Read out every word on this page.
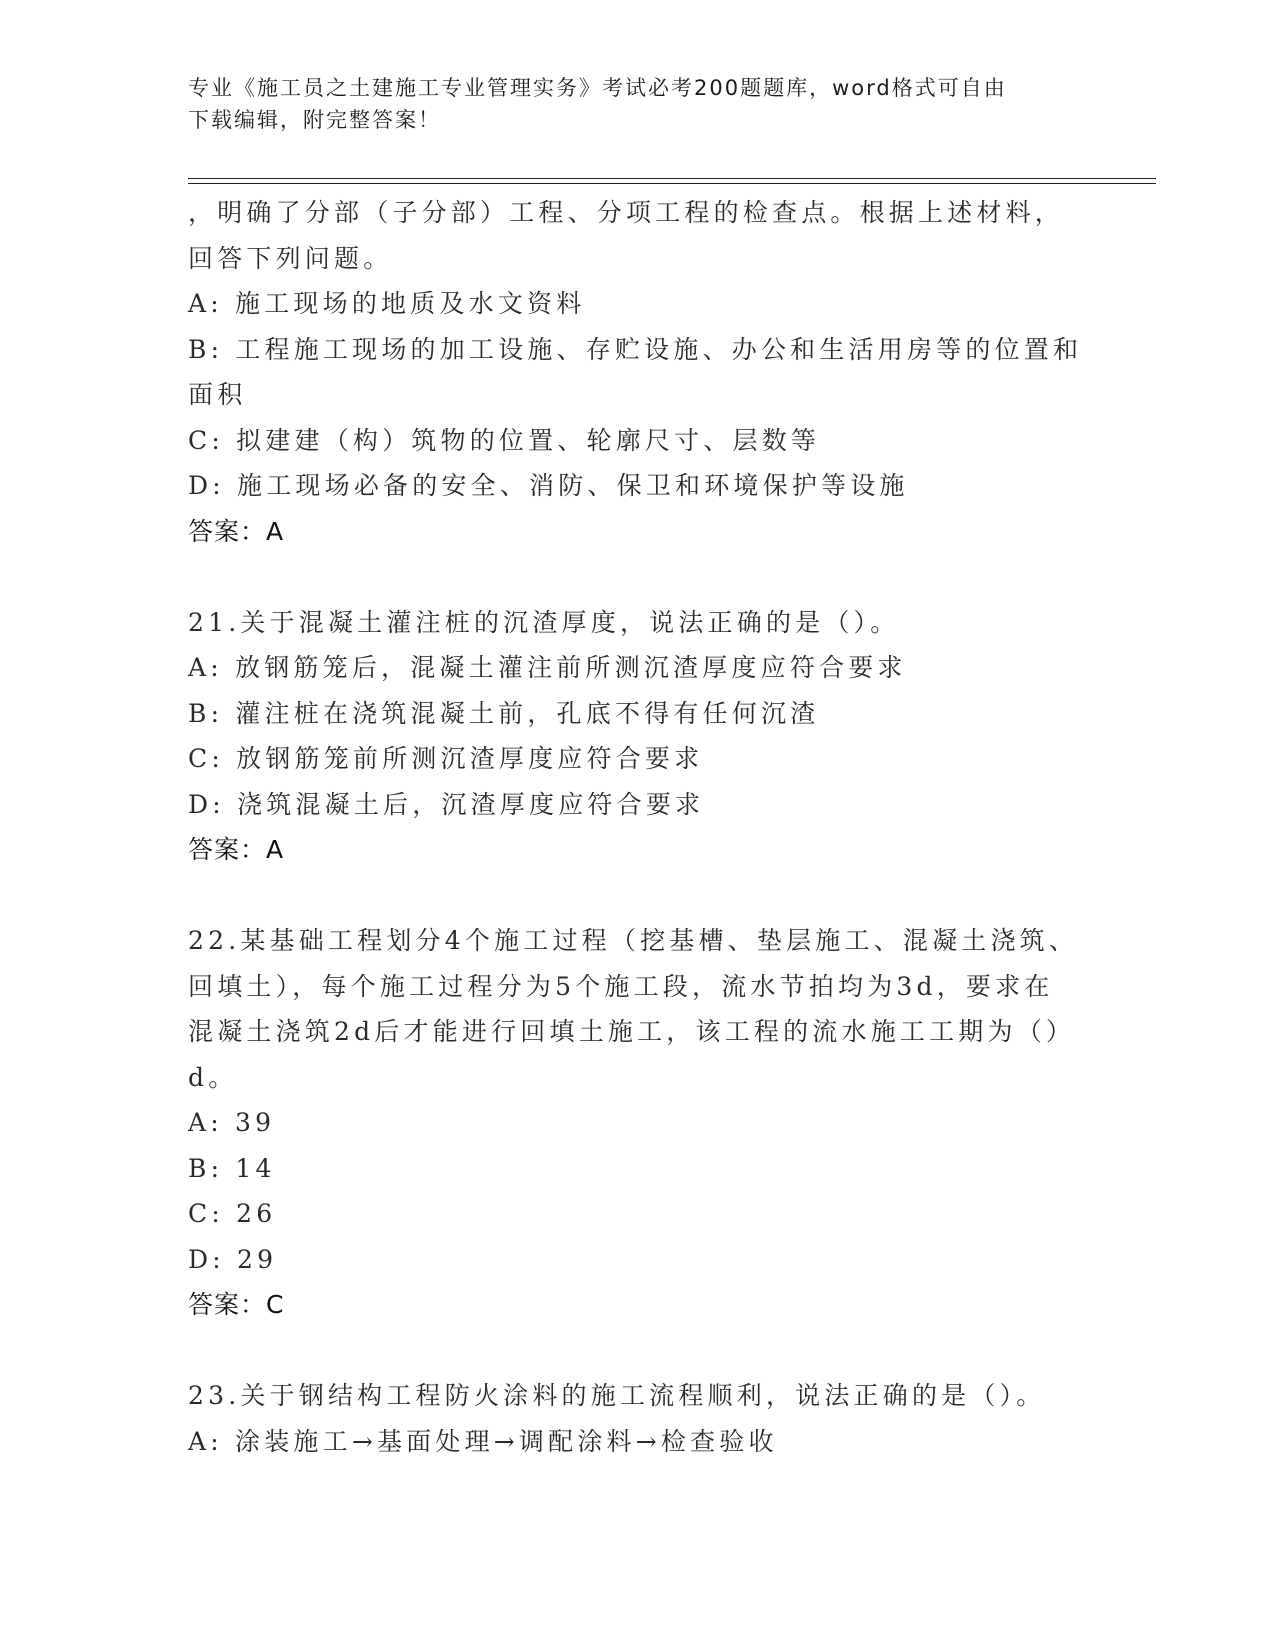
专业《施工员之土建施工专业管理实务》考试必考200题题库，word格式可自由
下载编辑，附完整答案！
，明确了分部（子分部）工程、分项工程的检查点。根据上述材料，
回答下列问题。
A: 施工现场的地质及水文资料
B: 工程施工现场的加工设施、存贮设施、办公和生活用房等的位置和
面积
C: 拟建建（构）筑物的位置、轮廓尺寸、层数等
D: 施工现场必备的安全、消防、保卫和环境保护等设施
答案：A
21.关于混凝土灌注桩的沉渣厚度，说法正确的是（）。
A: 放钢筋笼后，混凝土灌注前所测沉渣厚度应符合要求
B: 灌注桩在浇筑混凝土前，孔底不得有任何沉渣
C: 放钢筋笼前所测沉渣厚度应符合要求
D: 浇筑混凝土后，沉渣厚度应符合要求
答案：A
22.某基础工程划分4个施工过程（挖基槽、垫层施工、混凝土浇筑、
回填土），每个施工过程分为5个施工段，流水节拍均为3d，要求在
混凝土浇筑2d后才能进行回填土施工，该工程的流水施工工期为（）
d。
A: 39
B: 14
C: 26
D: 29
答案：C
23.关于钢结构工程防火涂料的施工流程顺利，说法正确的是（）。
A: 涂装施工→基面处理→调配涂料→检查验收
